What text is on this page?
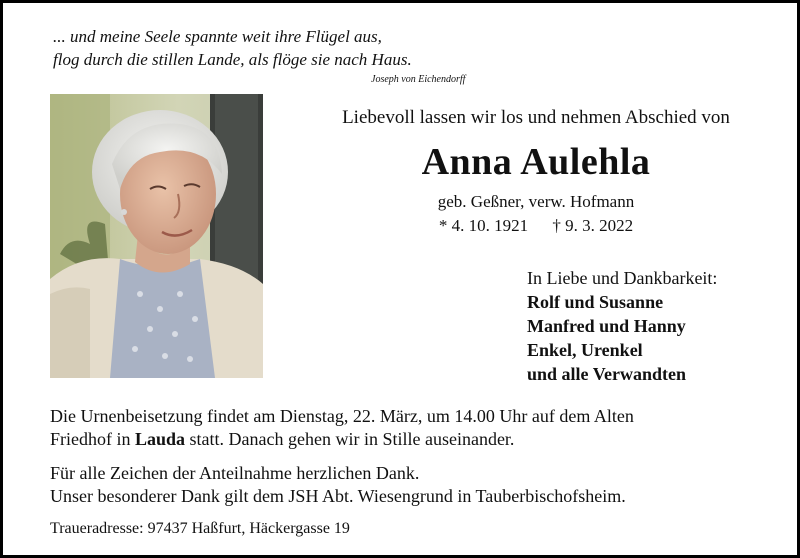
... und meine Seele spannte weit ihre Flügel aus,
flog durch die stillen Lande, als flöge sie nach Haus.
Joseph von Eichendorff
Liebevoll lassen wir los und nehmen Abschied von
Anna Aulehla
geb. Geßner, verw. Hofmann
* 4. 10. 1921 † 9. 3. 2022
In Liebe und Dankbarkeit:
Rolf und Susanne
Manfred und Hanny
Enkel, Urenkel
und alle Verwandten
Die Urnenbeisetzung findet am Dienstag, 22. März, um 14.00 Uhr auf dem Alten
Friedhof in Lauda statt. Danach gehen wir in Stille auseinander.
Für alle Zeichen der Anteilnahme herzlichen Dank.
Unser besonderer Dank gilt dem JSH Abt. Wiesengrund in Tauberbischofsheim.
Traueradresse: 97437 Haßfurt, Häckergasse 19
